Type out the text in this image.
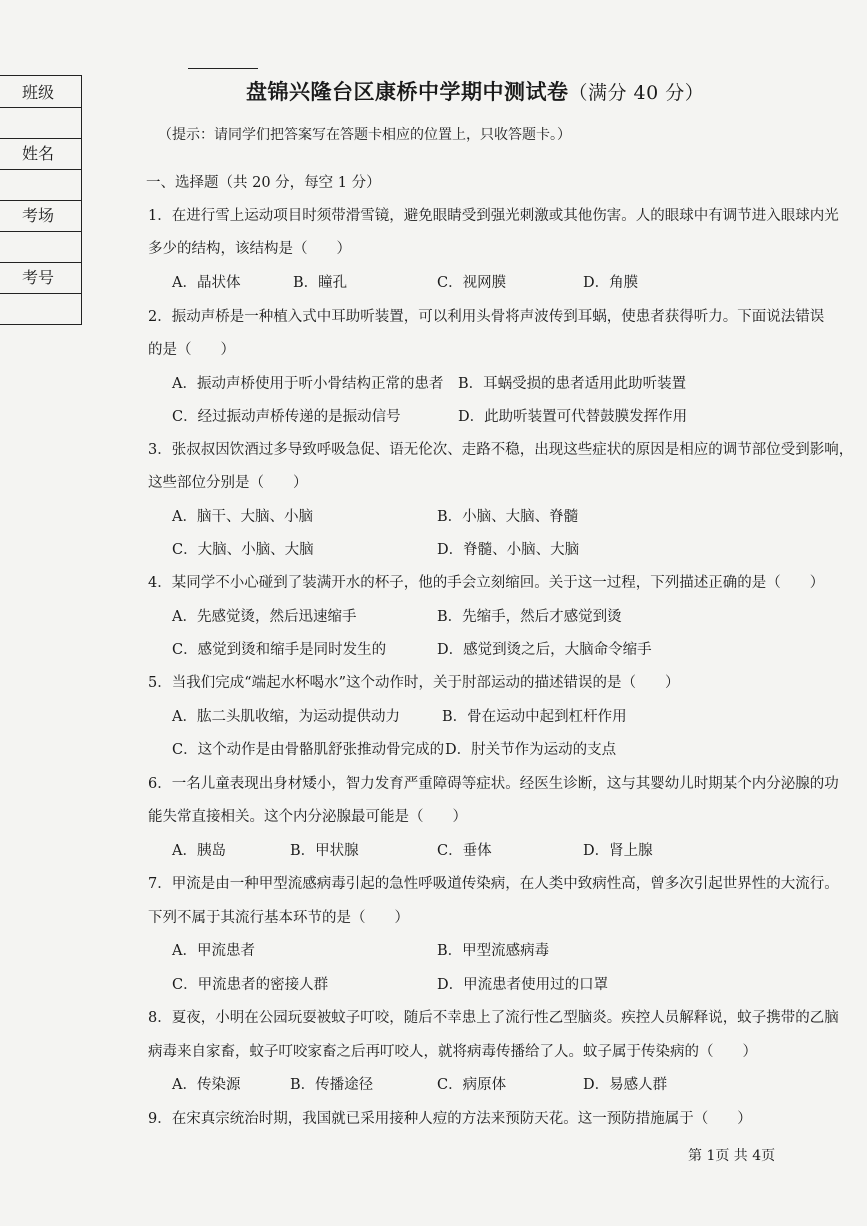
班级
姓名
考场
考号
盘锦兴隆台区康桥中学期中测试卷（满分 40 分）
（提示：请同学们把答案写在答题卡相应的位置上，只收答题卡。）
一、选择题（共 20 分，每空 1 分）
1．在进行雪上运动项目时须带滑雪镜，避免眼睛受到强光刺激或其他伤害。人的眼球中有调节进入眼球内光
多少的结构，该结构是（　　）
A．晶状体	B．瞳孔	C．视网膜	D．角膜
2．振动声桥是一种植入式中耳助听装置，可以利用头骨将声波传到耳蜗，使患者获得听力。下面说法错误
的是（　　）
A．振动声桥使用于听小骨结构正常的患者 B．耳蜗受损的患者适用此助听装置
C．经过振动声桥传递的是振动信号	D．此助听装置可代替鼓膜发挥作用
3．张叔叔因饮酒过多导致呼吸急促、语无伦次、走路不稳，出现这些症状的原因是相应的调节部位受到影响，
这些部位分别是（　　）
A．脑干、大脑、小脑	B．小脑、大脑、脊髓
C．大脑、小脑、大脑	D．脊髓、小脑、大脑
4．某同学不小心碰到了装满开水的杯子，他的手会立刻缩回。关于这一过程，下列描述正确的是（　　）
A．先感觉烫，然后迅速缩手	B．先缩手，然后才感觉到烫
C．感觉到烫和缩手是同时发生的	D．感觉到烫之后，大脑命令缩手
5．当我们完成“端起水杯喝水”这个动作时，关于肘部运动的描述错误的是（　　）
A．肱二头肌收缩，为运动提供动力	B．骨在运动中起到杠杆作用
C．这个动作是由骨骼肌舒张推动骨完成的 D．肘关节作为运动的支点
6．一名儿童表现出身材矮小，智力发育严重障碍等症状。经医生诊断，这与其婴幼儿时期某个内分泌腺的功
能失常直接相关。这个内分泌腺最可能是（　　）
A．胰岛	B．甲状腺	C．垂体	D．肾上腺
7．甲流是由一种甲型流感病毒引起的急性呼吸道传染病，在人类中致病性高，曾多次引起世界性的大流行。
下列不属于其流行基本环节的是（　　）
A．甲流患者	B．甲型流感病毒
C．甲流患者的密接人群	D．甲流患者使用过的口罩
8．夏夜，小明在公园玩耍被蚊子叮咬，随后不幸患上了流行性乙型脑炎。疾控人员解释说，蚊子携带的乙脑
病毒来自家畜，蚊子叮咬家畜之后再叮咬人，就将病毒传播给了人。蚊子属于传染病的（　　）
A．传染源	B．传播途径	C．病原体	D．易感人群
9．在宋真宗统治时期，我国就已采用接种人痘的方法来预防天花。这一预防措施属于（　　）
第 1页 共 4页
